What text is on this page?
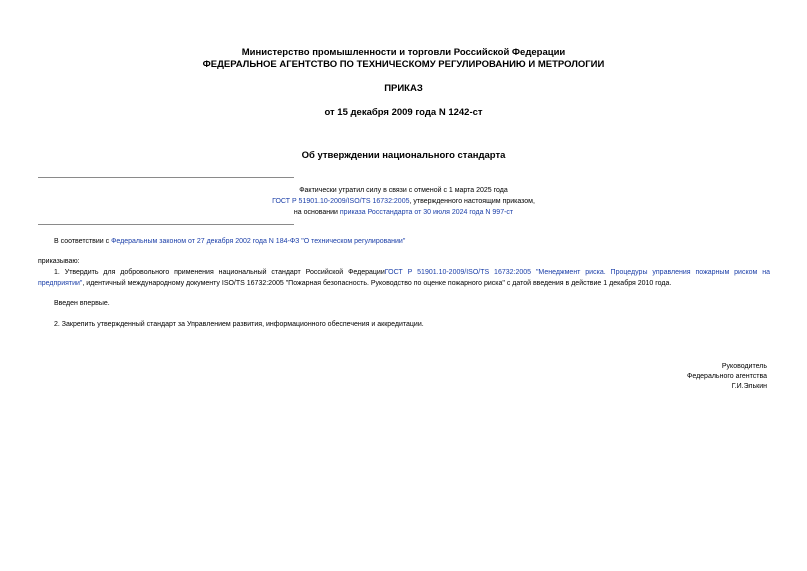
Министерство промышленности и торговли Российской Федерации
ФЕДЕРАЛЬНОЕ АГЕНТСТВО ПО ТЕХНИЧЕСКОМУ РЕГУЛИРОВАНИЮ И МЕТРОЛОГИИ
ПРИКАЗ
от 15 декабря 2009 года N 1242-ст
Об утверждении национального стандарта
Фактически утратил силу в связи с отменой с 1 марта 2025 года
ГОСТ Р 51901.10-2009/ISO/TS 16732:2005, утвержденного настоящим приказом,
на основании приказа Росстандарта от 30 июля 2024 года N 997-ст
В соответствии с Федеральным законом от 27 декабря 2002 года N 184-ФЗ "О техническом регулировании"
приказываю:
1. Утвердить для добровольного применения национальный стандарт Российской ФедерацииГОСТ Р 51901.10-2009/ISO/TS 16732:2005 "Менеджмент риска. Процедуры управления пожарным риском на
предприятии", идентичный международному документу ISO/TS 16732:2005 "Пожарная безопасность. Руководство по оценке пожарного риска" с датой введения в действие 1 декабря 2010 года.
Введен впервые.
2. Закрепить утвержденный стандарт за Управлением развития, информационного обеспечения и аккредитации.
Руководитель
Федерального агентства
Г.И.Элькин
